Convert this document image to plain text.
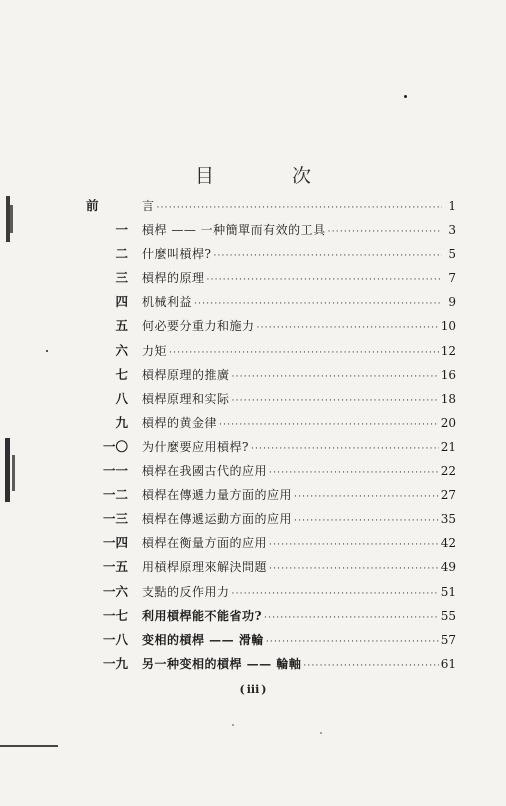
目 次
前	言 ·····	1
一	槓桿 —— 一种簡單而有效的工具 ·····	3
二	什麼叫槓桿? ·····	5
三	槓桿的原理 ·····	7
四	机械利益 ·····	9
五	何必要分重力和施力 ·····	10
六	力矩 ·····	12
七	槓桿原理的推廣 ·····	16
八	槓桿原理和实际 ·····	18
九	槓桿的黄金律 ·····	20
一〇	为什麼要应用槓桿? ·····	21
一一	槓桿在我國古代的应用 ·····	22
一二	槓桿在傳遞力量方面的应用 ·····	27
一三	槓桿在傳遞运動方面的应用 ·····	35
一四	槓桿在衡量方面的应用 ·····	42
一五	用槓桿原理來解決問題 ·····	49
一六	支點的反作用力 ·····	51
一七	利用槓桿能不能省功? ·····	55
一八	变相的槓桿 —— 滑輪 ·····	57
一九	另一种变相的槓桿 —— 輪軸 ·····	61
( iii )
